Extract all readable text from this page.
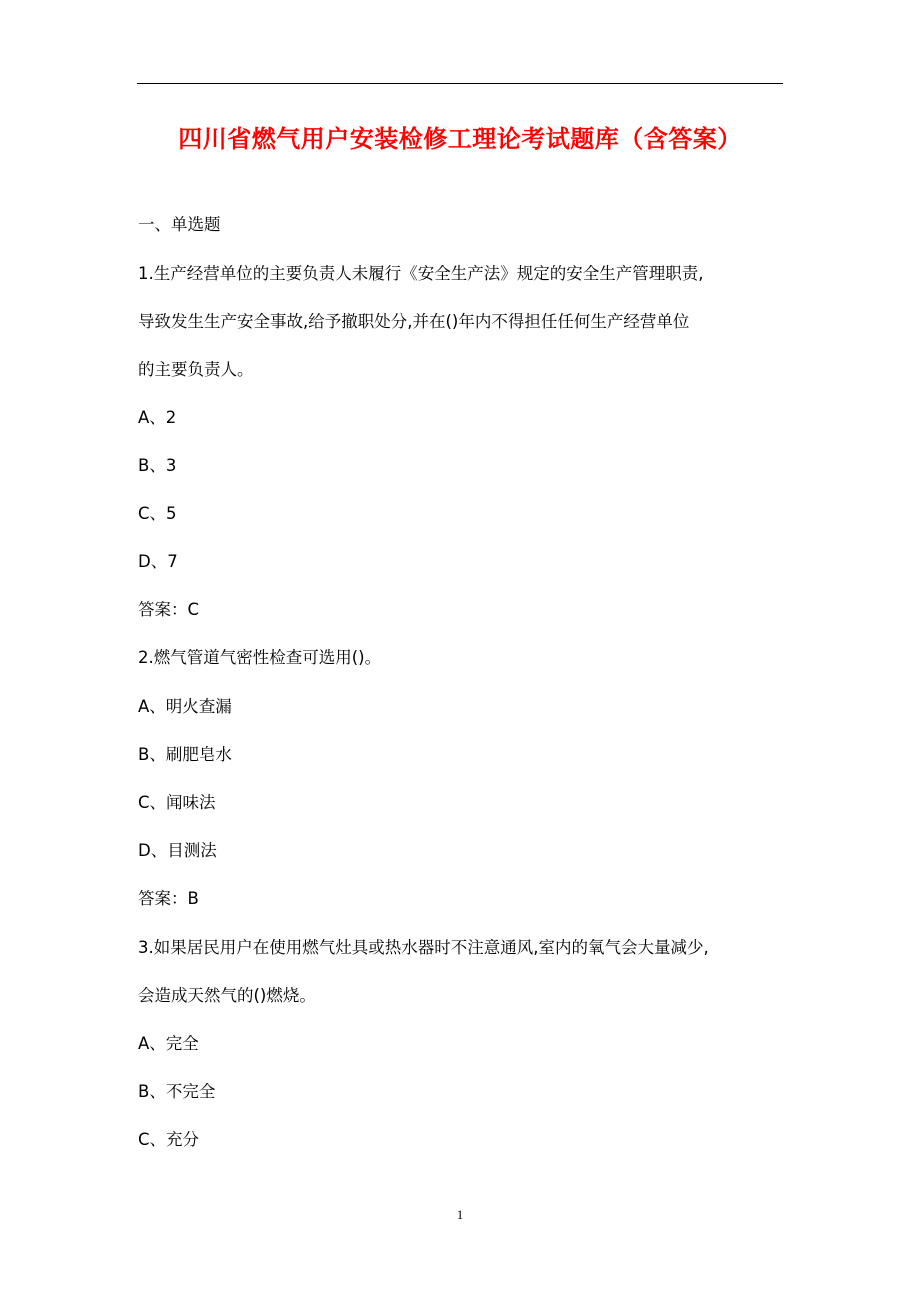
四川省燃气用户安装检修工理论考试题库（含答案）
一、单选题
1.生产经营单位的主要负责人未履行《安全生产法》规定的安全生产管理职责,
导致发生生产安全事故,给予撤职处分,并在()年内不得担任任何生产经营单位
的主要负责人。
A、2
B、3
C、5
D、7
答案：C
2.燃气管道气密性检查可选用()。
A、明火查漏
B、刷肥皂水
C、闻味法
D、目测法
答案：B
3.如果居民用户在使用燃气灶具或热水器时不注意通风,室内的氧气会大量减少,
会造成天然气的()燃烧。
A、完全
B、不完全
C、充分
1
